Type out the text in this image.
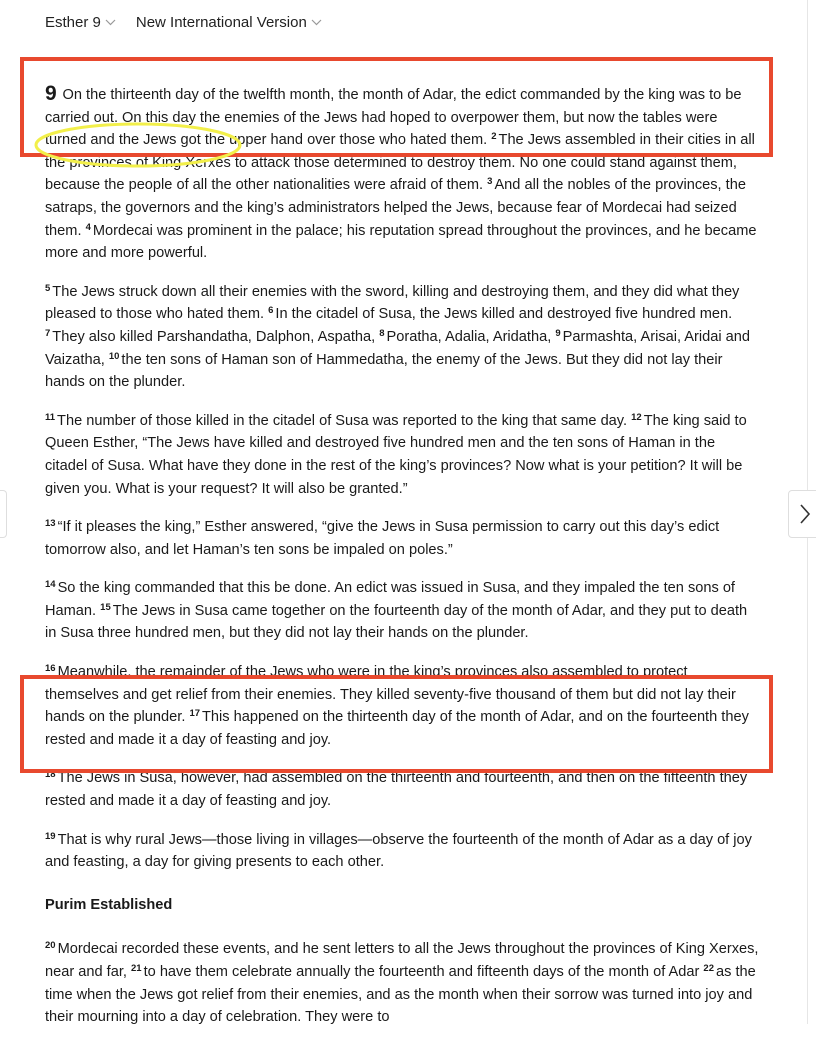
Esther 9 New International Version

9 On the thirteenth day of the twelfth month, the month of Adar, the edict commanded by the king was to be carried out. On this day the enemies of the Jews had hoped to overpower them, but now the tables were turned and the Jews got the upper hand over those who hated them. $^2$ The Jews assembled in their cities in all the provinces of King Xerxes to attack those determined to destroy them. No one could stand against them, because the people of all the other nationalities were afraid of them. $^3$ And all the nobles of the provinces, the satraps, the governors and the king’s administrators helped the Jews, because fear of Mordecai had seized them. $^4$ Mordecai was prominent in the palace; his reputation spread throughout the provinces, and he became more and more powerful.

$^5$ The Jews struck down all their enemies with the sword, killing and destroying them, and they did what they pleased to those who hated them. $^6$ In the citadel of Susa, the Jews killed and destroyed five hundred men. $^7$ They also killed Parshandatha, Dalphon, Aspatha, $^8$ Poratha, Adalia, Aridatha, $^9$ Parmashta, Arisai, Aridai and Vaizatha, $^{10}$ the ten sons of Haman son of Hammedatha, the enemy of the Jews. But they did not lay their hands on the plunder.

$^{11}$ The number of those killed in the citadel of Susa was reported to the king that same day. $^{12}$ The king said to Queen Esther, “The Jews have killed and destroyed five hundred men and the ten sons of Haman in the citadel of Susa. What have they done in the rest of the king’s provinces? Now what is your petition? It will be given you. What is your request? It will also be granted.”

$^{13}$ “If it pleases the king,” Esther answered, “give the Jews in Susa permission to carry out this day’s edict tomorrow also, and let Haman’s ten sons be impaled on poles.”

$^{14}$ So the king commanded that this be done. An edict was issued in Susa, and they impaled the ten sons of Haman. $^{15}$ The Jews in Susa came together on the fourteenth day of the month of Adar, and they put to death in Susa three hundred men, but they did not lay their hands on the plunder.

$^{16}$ Meanwhile, the remainder of the Jews who were in the king’s provinces also assembled to protect themselves and get relief from their enemies. They killed seventy-five thousand of them but did not lay their hands on the plunder. $^{17}$ This happened on the thirteenth day of the month of Adar, and on the fourteenth they rested and made it a day of feasting and joy.

$^{18}$ The Jews in Susa, however, had assembled on the thirteenth and fourteenth, and then on the fifteenth they rested and made it a day of feasting and joy.

$^{19}$ That is why rural Jews—those living in villages—observe the fourteenth of the month of Adar as a day of joy and feasting, a day for giving presents to each other.

Purim Established

$^{20}$ Mordecai recorded these events, and he sent letters to all the Jews throughout the provinces of King Xerxes, near and far, $^{21}$ to have them celebrate annually the fourteenth and fifteenth days of the month of Adar $^{22}$ as the time when the Jews got relief from their enemies, and as the month when their sorrow was turned into joy and their mourning into a day of celebration. They were to
